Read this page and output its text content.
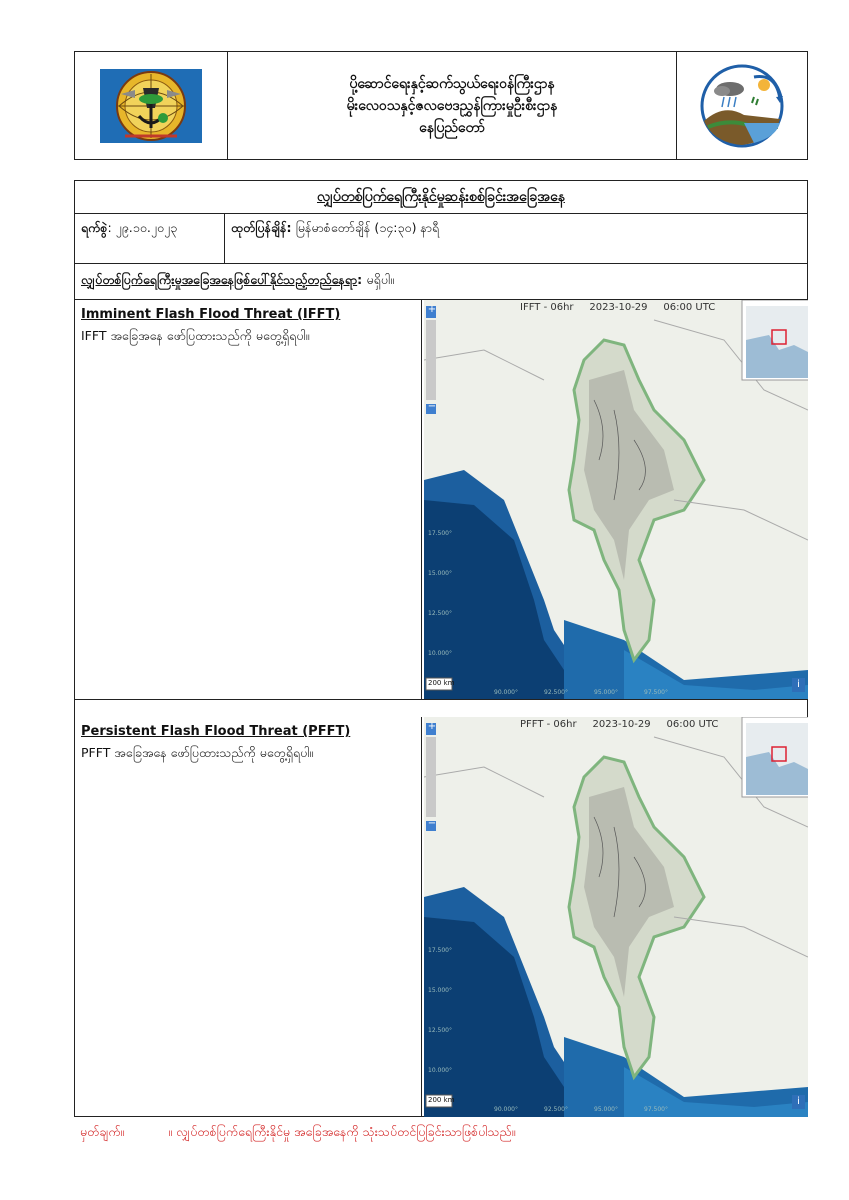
ပို့ဆောင်ရေးနှင့်ဆက်သွယ်ရေးဝန်ကြီးဌာန
မိုးလေဝသနှင့်ဇလဗေဒညွှန်ကြားမှုဦးစီးဌာန
နေပြည်တော်
လျှပ်တစ်ပြက်ရေကြီးနိုင်မှုဆန်းစစ်ခြင်းအခြေအနေ
ရက်စွဲ: ၂၉.၁၀.၂၀၂၃	ထုတ်ပြန်ချိန်: မြန်မာစံတော်ချိန် (၁၄:၃၀) နာရီ
လျှပ်တစ်ပြက်ရေကြီးမှုအခြေအနေဖြစ်ပေါ်နိုင်သည့်တည်နေရာ: မရှိပါ။
Imminent Flash Flood Threat (IFFT)
IFFT အခြေအနေ ဖော်ပြထားသည်ကို မတွေ့ရှိရပါ။
IFFT - 06hr     2023-10-29     06:00 UTC
+
−
200 km	i
17.500°
15.000°
12.500°
10.000°
90.000°	92.500°	95.000°	97.500°
Persistent Flash Flood Threat (PFFT)
PFFT အခြေအနေ ဖော်ပြထားသည်ကို မတွေ့ရှိရပါ။
PFFT - 06hr     2023-10-29     06:00 UTC
+
−
200 km	i
17.500°
15.000°
12.500°
10.000°
90.000°	92.500°	95.000°	97.500°
မှတ်ချက်။	။ လျှပ်တစ်ပြက်ရေကြီးနိုင်မှု အခြေအနေကို သုံးသပ်တင်ပြခြင်းသာဖြစ်ပါသည်။
